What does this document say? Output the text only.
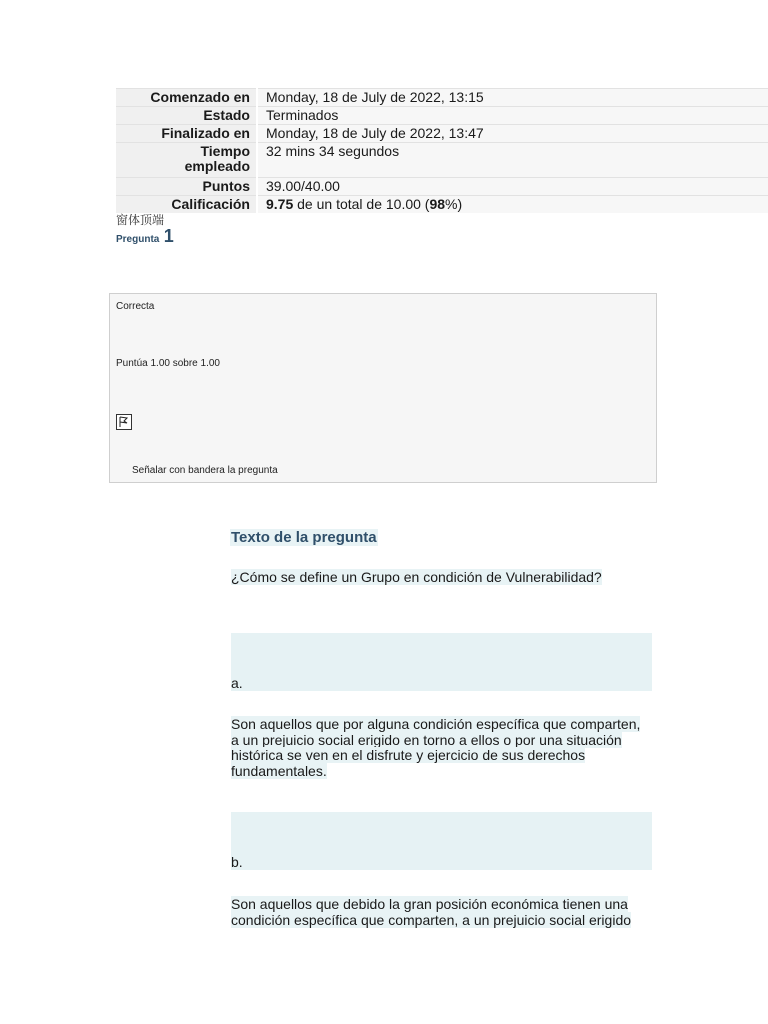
Comenzado en	Monday, 18 de July de 2022, 13:15
Estado	Terminados
Finalizado en	Monday, 18 de July de 2022, 13:47
Tiempo
empleado	32 mins 34 segundos
Puntos	39.00/40.00
Calificación	9.75 de un total de 10.00 (98%)
窗体顶端
Pregunta 1
Correcta
Puntúa 1.00 sobre 1.00
Señalar con bandera la pregunta
Texto de la pregunta
¿Cómo se define un Grupo en condición de Vulnerabilidad?
a.
Son aquellos que por alguna condición específica que comparten,
a un prejuicio social erigido en torno a ellos o por una situación
histórica se ven en el disfrute y ejercicio de sus derechos
fundamentales.
b.
Son aquellos que debido la gran posición económica tienen una
condición específica que comparten, a un prejuicio social erigido
